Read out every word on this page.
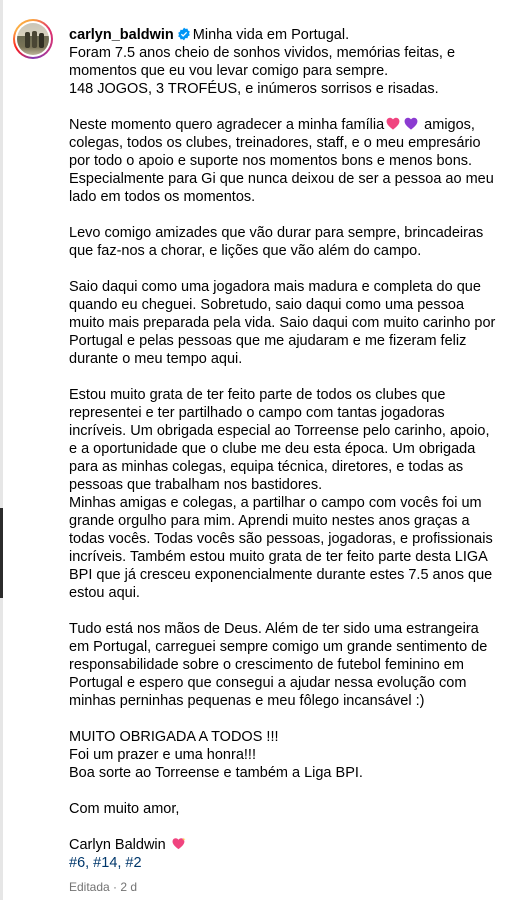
carlyn_baldwin Minha vida em Portugal.
Foram 7.5 anos cheio de sonhos vividos, memórias feitas, e momentos que eu vou levar comigo para sempre.
148 JOGOS, 3 TROFÉUS, e inúmeros sorrisos e risadas.
Neste momento quero agradecer a minha família	amigos, colegas, todos os clubes, treinadores, staff, e o meu empresário por todo o apoio e suporte nos momentos bons e menos bons. Especialmente para Gi que nunca deixou de ser a pessoa ao meu lado em todos os momentos.
Levo comigo amizades que vão durar para sempre, brincadeiras que faz-nos a chorar, e lições que vão além do campo.
Saio daqui como uma jogadora mais madura e completa do que quando eu cheguei. Sobretudo, saio daqui como uma pessoa muito mais preparada pela vida. Saio daqui com muito carinho por Portugal e pelas pessoas que me ajudaram e me fizeram feliz durante o meu tempo aqui.
Estou muito grata de ter feito parte de todos os clubes que representei e ter partilhado o campo com tantas jogadoras incríveis. Um obrigada especial ao Torreense pelo carinho, apoio, e a oportunidade que o clube me deu esta época. Um obrigada para as minhas colegas, equipa técnica, diretores, e todas as pessoas que trabalham nos bastidores.
Minhas amigas e colegas, a partilhar o campo com vocês foi um grande orgulho para mim. Aprendi muito nestes anos graças a todas vocês. Todas vocês são pessoas, jogadoras, e profissionais incríveis. Também estou muito grata de ter feito parte desta LIGA BPI que já cresceu exponencialmente durante estes 7.5 anos que estou aqui.
Tudo está nos mãos de Deus. Além de ter sido uma estrangeira em Portugal, carreguei sempre comigo um grande sentimento de responsabilidade sobre o crescimento de futebol feminino em Portugal e espero que consegui a ajudar nessa evolução com minhas perninhas pequenas e meu fôlego incansável :)
MUITO OBRIGADA A TODOS !!!
Foi um prazer e uma honra!!!
Boa sorte ao Torreense e também a Liga BPI.
Com muito amor,
Carlyn Baldwin
#6, #14, #2
Editada · 2 d
